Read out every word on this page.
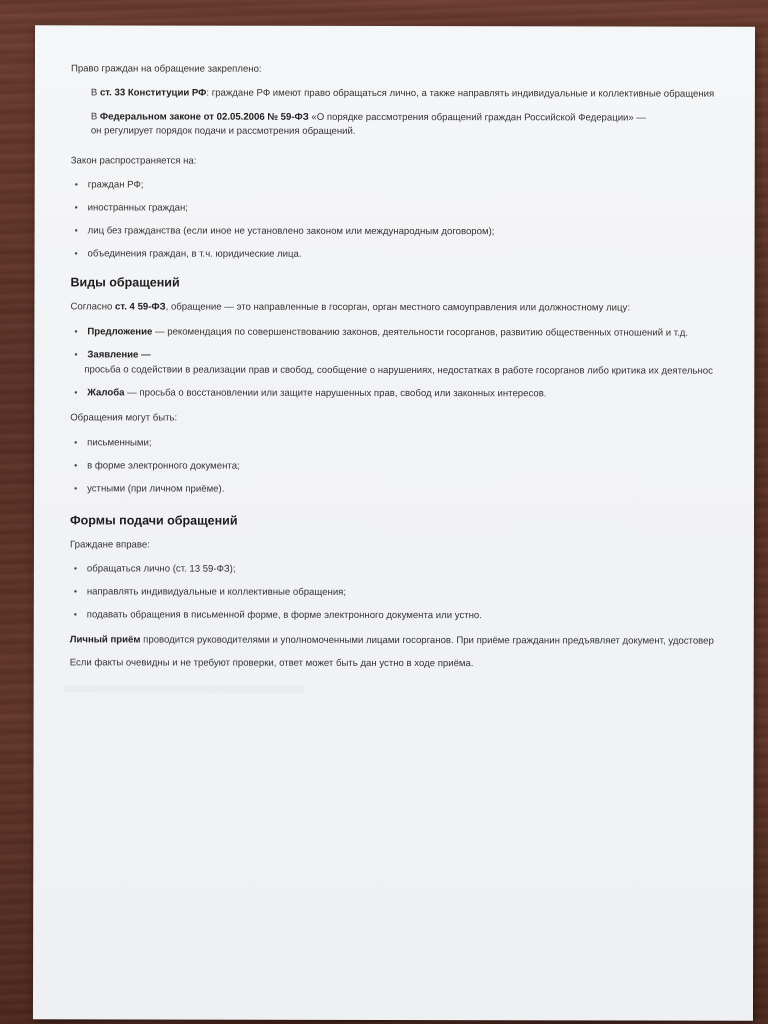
Право граждан на обращение закреплено:
В ст. 33 Конституции РФ: граждане РФ имеют право обращаться лично, а также направлять индивидуальные и коллективные обращения
В Федеральном законе от 02.05.2006 № 59-ФЗ «О порядке рассмотрения обращений граждан Российской Федерации» —
он регулирует порядок подачи и рассмотрения обращений.
Закон распространяется на:
• граждан РФ;
• иностранных граждан;
• лиц без гражданства (если иное не установлено законом или международным договором);
• объединения граждан, в т.ч. юридические лица.
Виды обращений
Согласно ст. 4 59-ФЗ, обращение — это направленные в госорган, орган местного самоуправления или должностному лицу:
• Предложение — рекомендация по совершенствованию законов, деятельности госорганов, развитию общественных отношений и т.д.
• Заявление —
просьба о содействии в реализации прав и свобод, сообщение о нарушениях, недостатках в работе госорганов либо критика их деятельнос
• Жалоба — просьба о восстановлении или защите нарушенных прав, свобод или законных интересов.
Обращения могут быть:
• письменными;
• в форме электронного документа;
• устными (при личном приёме).
Формы подачи обращений
Граждане вправе:
• обращаться лично (ст. 13 59-ФЗ);
• направлять индивидуальные и коллективные обращения;
• подавать обращения в письменной форме, в форме электронного документа или устно.
Личный приём проводится руководителями и уполномоченными лицами госорганов. При приёме гражданин предъявляет документ, удостовер
Если факты очевидны и не требуют проверки, ответ может быть дан устно в ходе приёма.
